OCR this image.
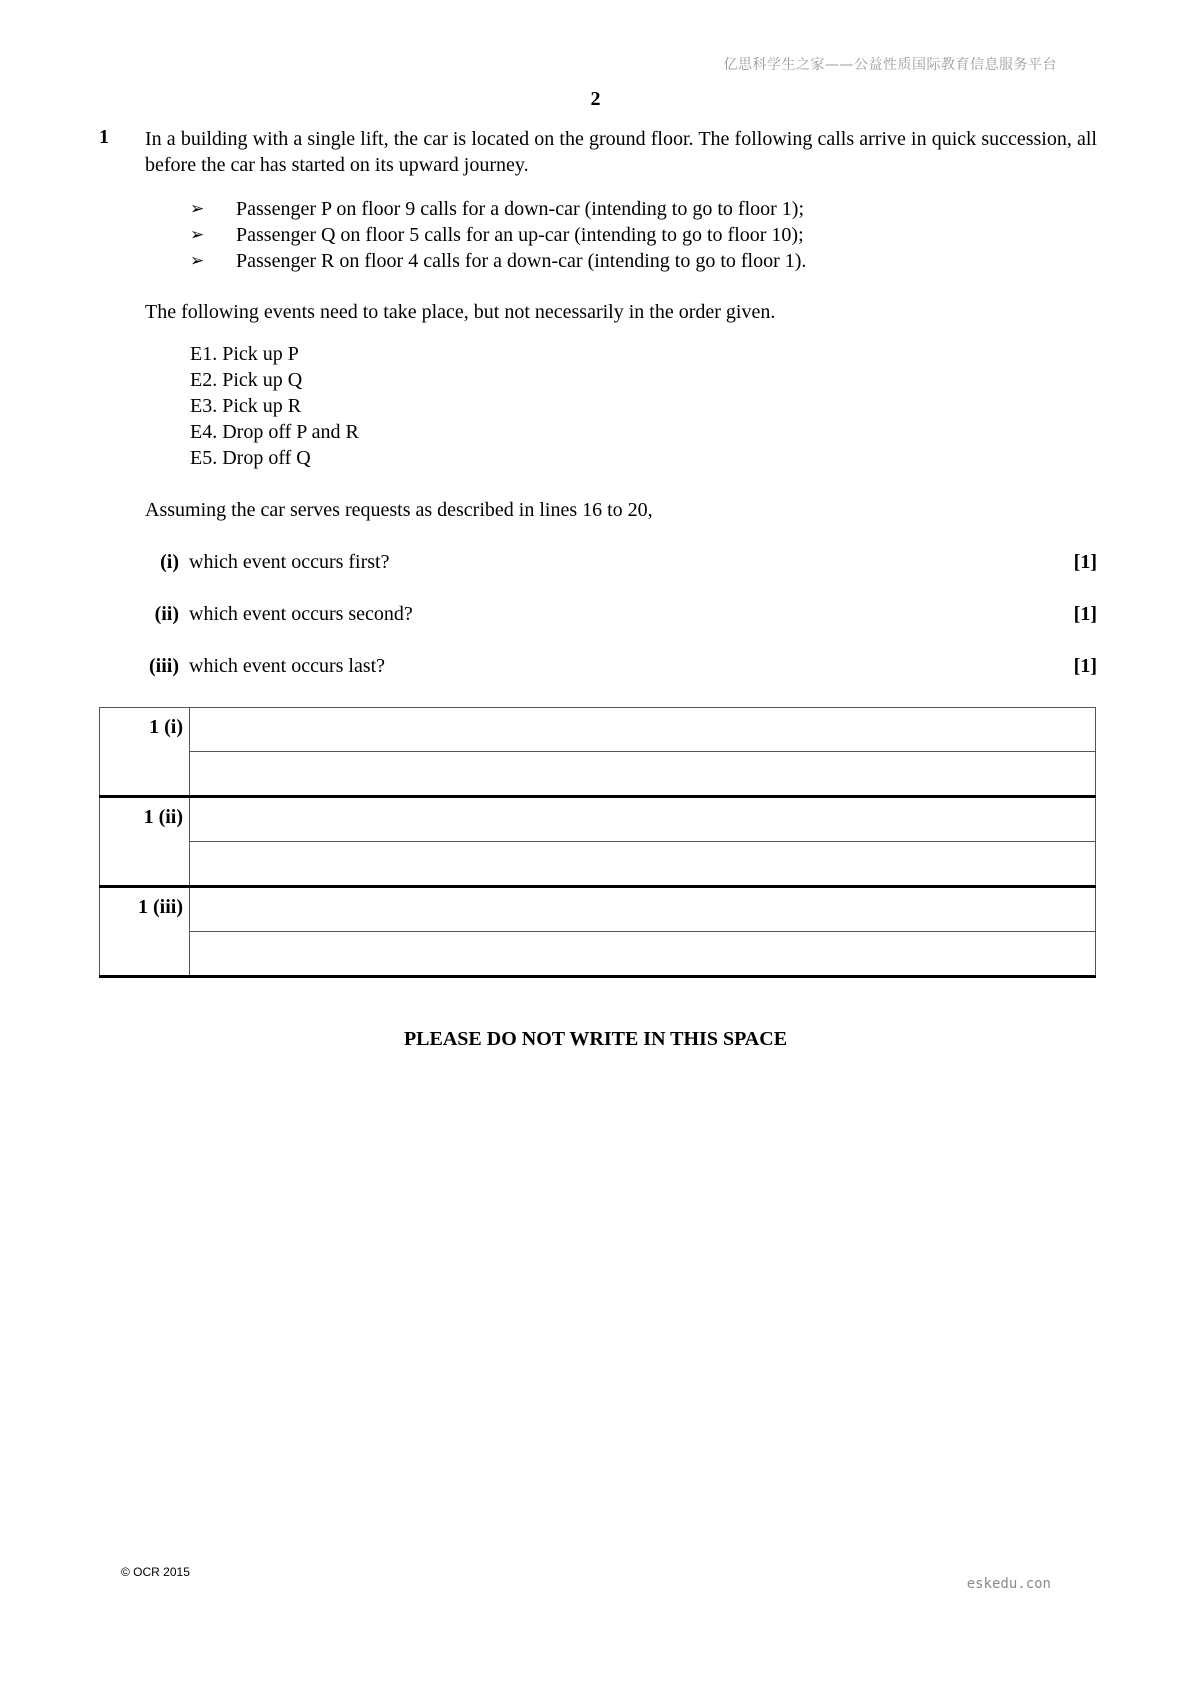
亿思科学生之家——公益性质国际教育信息服务平台
2
1 In a building with a single lift, the car is located on the ground floor. The following calls arrive in quick succession, all before the car has started on its upward journey.
➢ Passenger P on floor 9 calls for a down-car (intending to go to floor 1);
➢ Passenger Q on floor 5 calls for an up-car (intending to go to floor 10);
➢ Passenger R on floor 4 calls for a down-car (intending to go to floor 1).
The following events need to take place, but not necessarily in the order given.
E1. Pick up P
E2. Pick up Q
E3. Pick up R
E4. Drop off P and R
E5. Drop off Q
Assuming the car serves requests as described in lines 16 to 20,
(i) which event occurs first?	[1]
(ii) which event occurs second?	[1]
(iii) which event occurs last?	[1]
1 (i)	

1 (ii)	

1 (iii)	

PLEASE DO NOT WRITE IN THIS SPACE
© OCR 2015
eskedu.con
